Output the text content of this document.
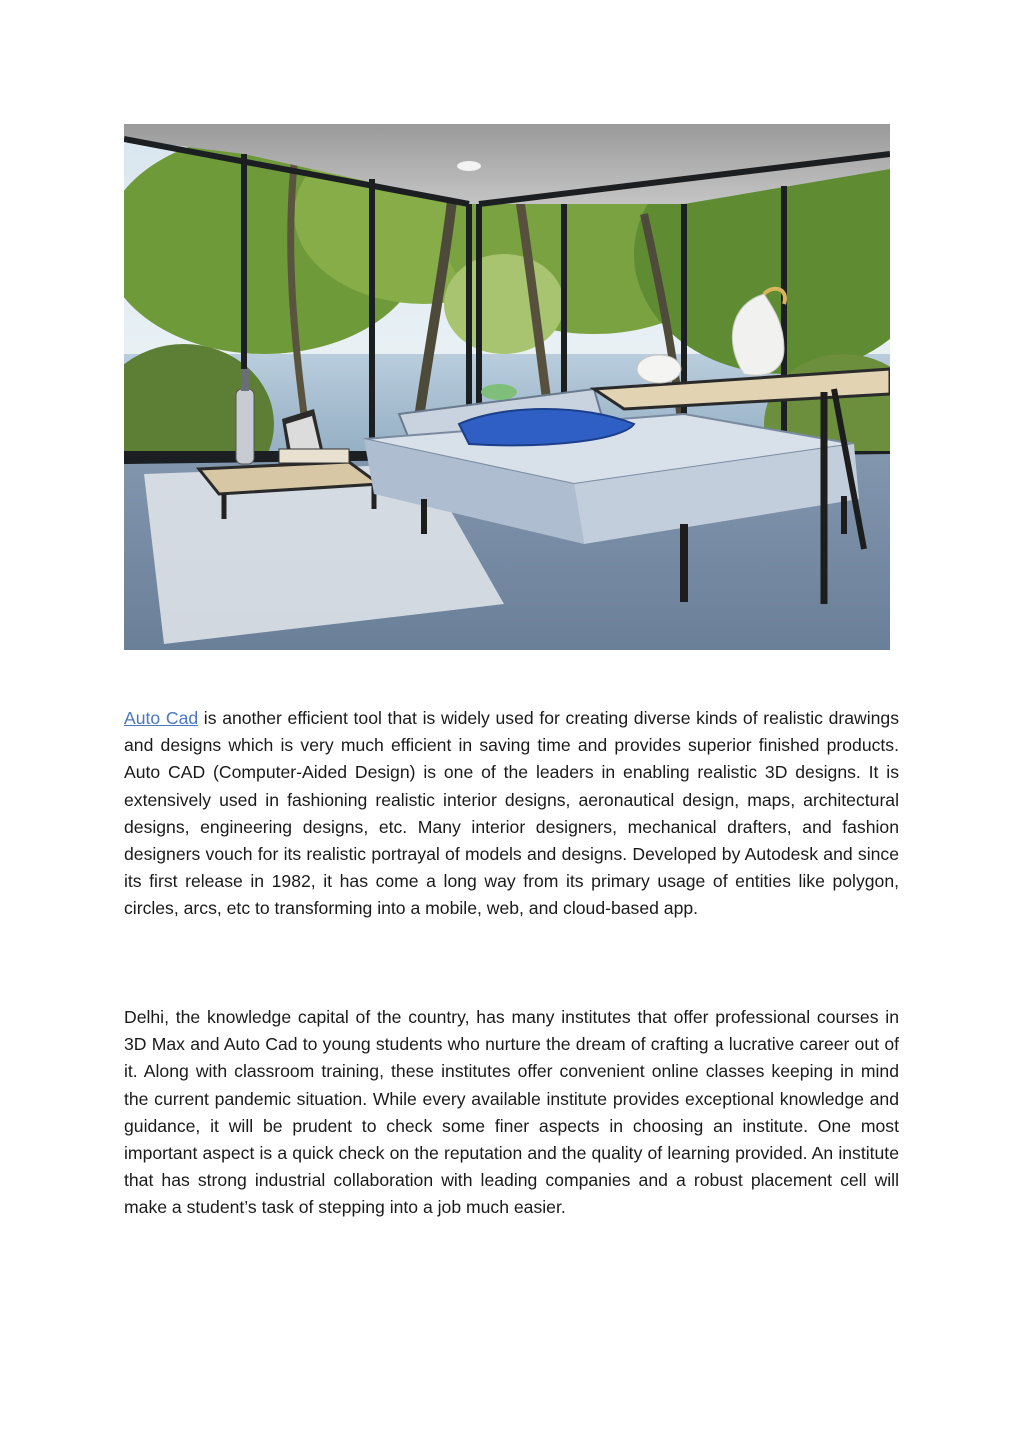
Auto Cad is another efficient tool that is widely used for creating diverse kinds of realistic drawings and designs which is very much efficient in saving time and provides superior finished products. Auto CAD (Computer-Aided Design) is one of the leaders in enabling realistic 3D designs. It is extensively used in fashioning realistic interior designs, aeronautical design, maps, architectural designs, engineering designs, etc. Many interior designers, mechanical drafters, and fashion designers vouch for its realistic portrayal of models and designs. Developed by Autodesk and since its first release in 1982, it has come a long way from its primary usage of entities like polygon, circles, arcs, etc to transforming into a mobile, web, and cloud-based app.

Delhi, the knowledge capital of the country, has many institutes that offer professional courses in 3D Max and Auto Cad to young students who nurture the dream of crafting a lucrative career out of it. Along with classroom training, these institutes offer convenient online classes keeping in mind the current pandemic situation. While every available institute provides exceptional knowledge and guidance, it will be prudent to check some finer aspects in choosing an institute. One most important aspect is a quick check on the reputation and the quality of learning provided. An institute that has strong industrial collaboration with leading companies and a robust placement cell will make a student’s task of stepping into a job much easier.
